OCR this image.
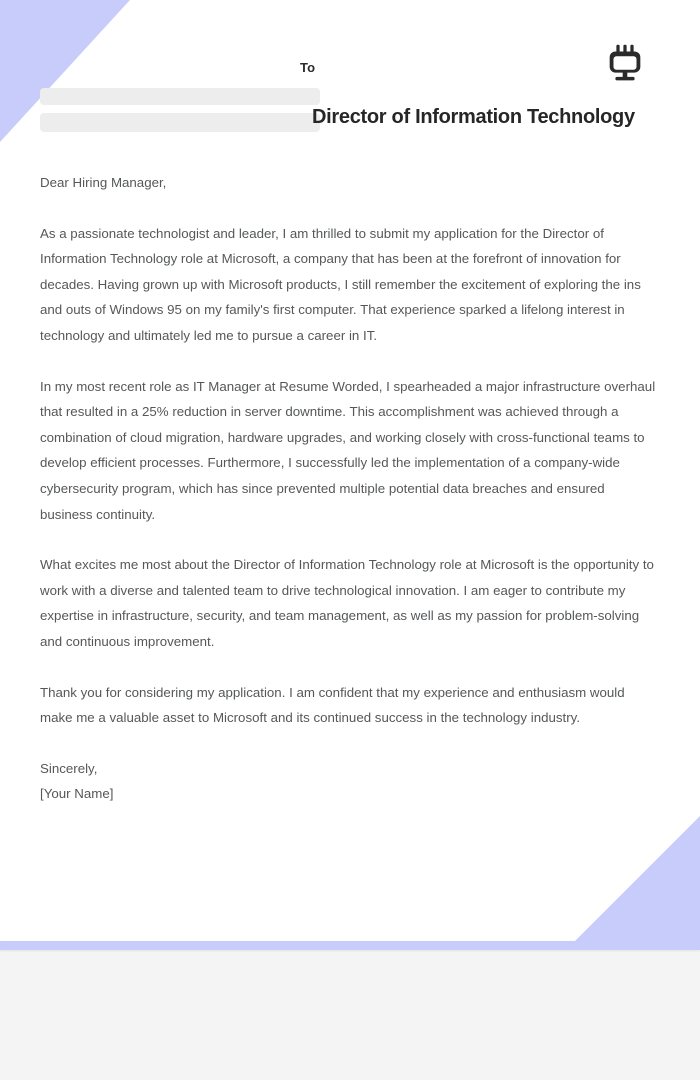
To
Director of Information Technology

Dear Hiring Manager,

As a passionate technologist and leader, I am thrilled to submit my application for the Director of Information Technology role at Microsoft, a company that has been at the forefront of innovation for decades. Having grown up with Microsoft products, I still remember the excitement of exploring the ins and outs of Windows 95 on my family's first computer. That experience sparked a lifelong interest in technology and ultimately led me to pursue a career in IT.

In my most recent role as IT Manager at Resume Worded, I spearheaded a major infrastructure overhaul that resulted in a 25% reduction in server downtime. This accomplishment was achieved through a combination of cloud migration, hardware upgrades, and working closely with cross-functional teams to develop efficient processes. Furthermore, I successfully led the implementation of a company-wide cybersecurity program, which has since prevented multiple potential data breaches and ensured business continuity.

What excites me most about the Director of Information Technology role at Microsoft is the opportunity to work with a diverse and talented team to drive technological innovation. I am eager to contribute my expertise in infrastructure, security, and team management, as well as my passion for problem-solving and continuous improvement.

Thank you for considering my application. I am confident that my experience and enthusiasm would make me a valuable asset to Microsoft and its continued success in the technology industry.

Sincerely,

[Your Name]
